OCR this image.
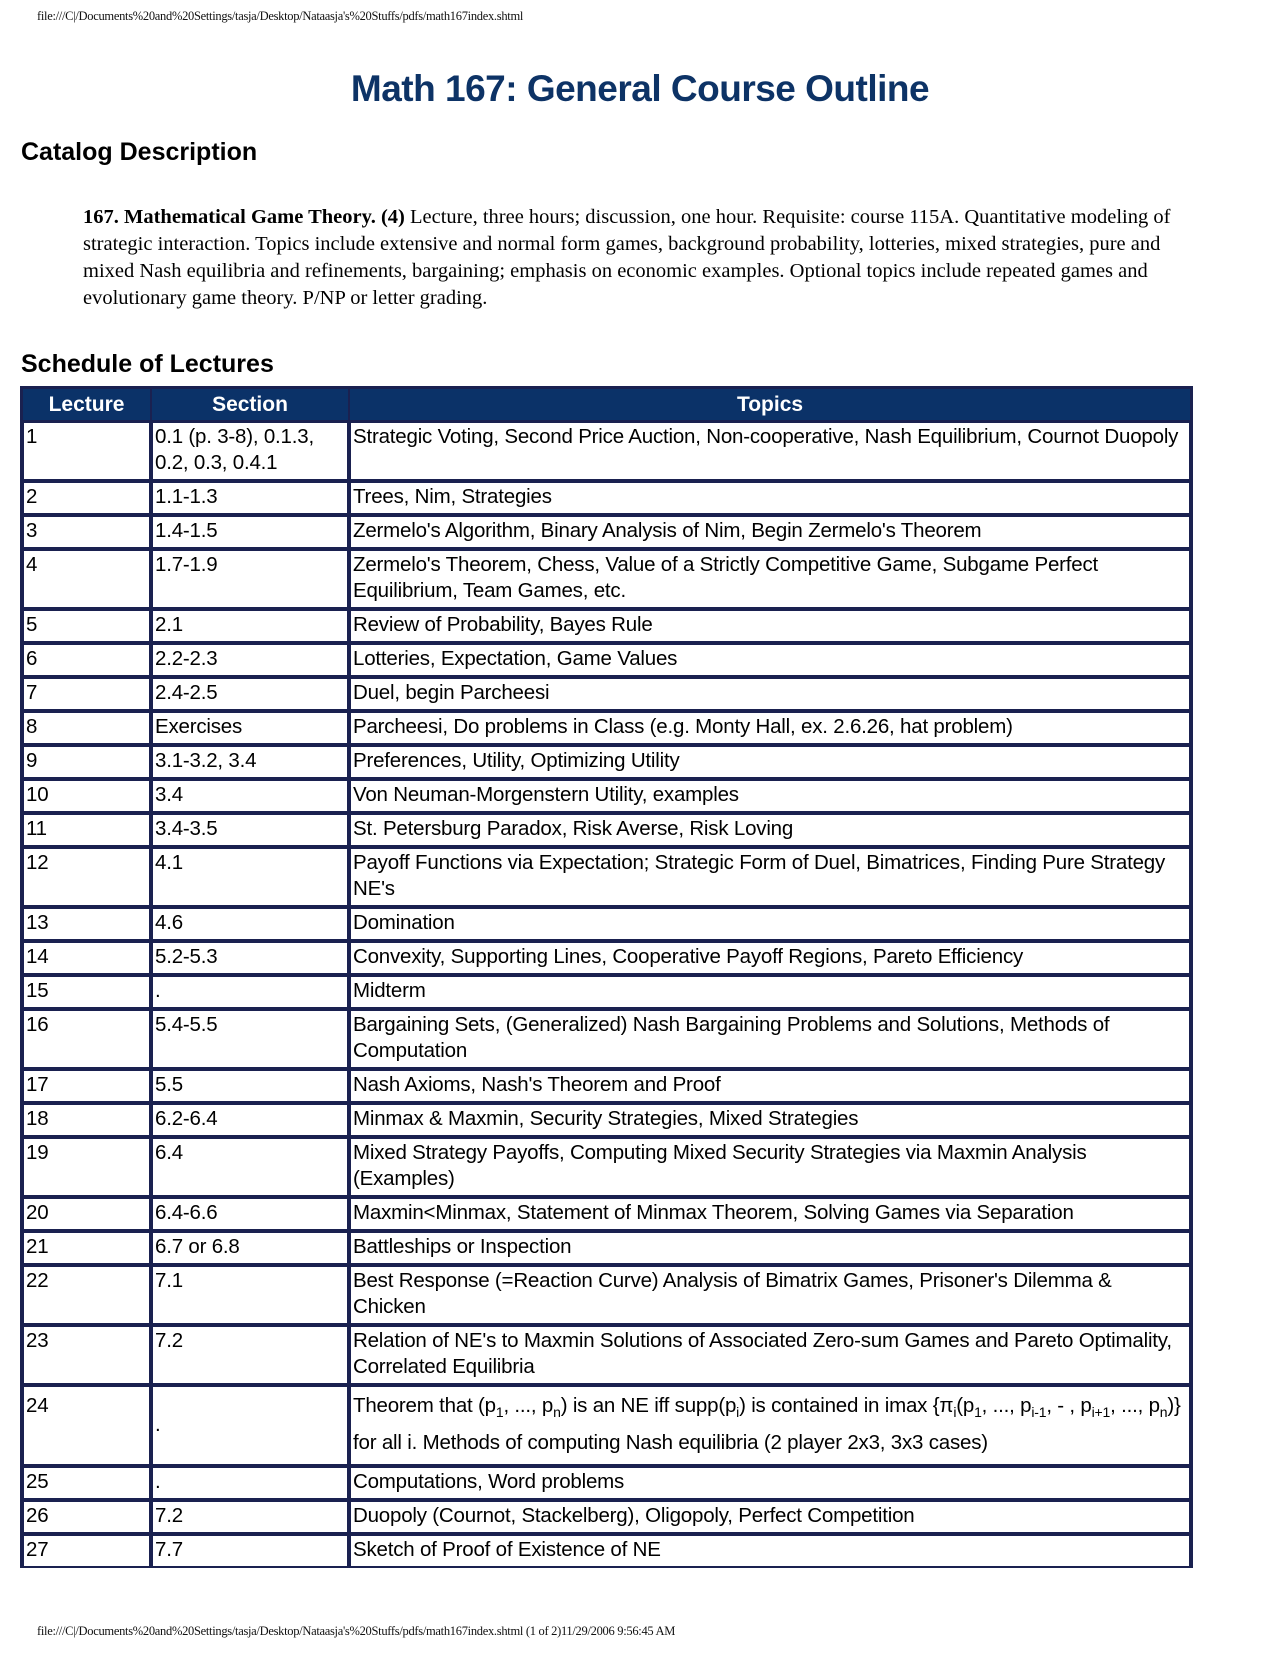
file:///C|/Documents%20and%20Settings/tasja/Desktop/Nataasja's%20Stuffs/pdfs/math167index.shtml
Math 167: General Course Outline
Catalog Description
167. Mathematical Game Theory. (4) Lecture, three hours; discussion, one hour. Requisite: course 115A. Quantitative modeling of strategic interaction. Topics include extensive and normal form games, background probability, lotteries, mixed strategies, pure and mixed Nash equilibria and refinements, bargaining; emphasis on economic examples. Optional topics include repeated games and evolutionary game theory. P/NP or letter grading.
Schedule of Lectures
Lecture	Section	Topics
1	0.1 (p. 3-8), 0.1.3, 0.2, 0.3, 0.4.1	Strategic Voting, Second Price Auction, Non-cooperative, Nash Equilibrium, Cournot Duopoly
2	1.1-1.3	Trees, Nim, Strategies
3	1.4-1.5	Zermelo's Algorithm, Binary Analysis of Nim, Begin Zermelo's Theorem
4	1.7-1.9	Zermelo's Theorem, Chess, Value of a Strictly Competitive Game, Subgame Perfect Equilibrium, Team Games, etc.
5	2.1	Review of Probability, Bayes Rule
6	2.2-2.3	Lotteries, Expectation, Game Values
7	2.4-2.5	Duel, begin Parcheesi
8	Exercises	Parcheesi, Do problems in Class (e.g. Monty Hall, ex. 2.6.26, hat problem)
9	3.1-3.2, 3.4	Preferences, Utility, Optimizing Utility
10	3.4	Von Neuman-Morgenstern Utility, examples
11	3.4-3.5	St. Petersburg Paradox, Risk Averse, Risk Loving
12	4.1	Payoff Functions via Expectation; Strategic Form of Duel, Bimatrices, Finding Pure Strategy NE's
13	4.6	Domination
14	5.2-5.3	Convexity, Supporting Lines, Cooperative Payoff Regions, Pareto Efficiency
15	.	Midterm
16	5.4-5.5	Bargaining Sets, (Generalized) Nash Bargaining Problems and Solutions, Methods of Computation
17	5.5	Nash Axioms, Nash's Theorem and Proof
18	6.2-6.4	Minmax & Maxmin, Security Strategies, Mixed Strategies
19	6.4	Mixed Strategy Payoffs, Computing Mixed Security Strategies via Maxmin Analysis (Examples)
20	6.4-6.6	Maxmin<Minmax, Statement of Minmax Theorem, Solving Games via Separation
21	6.7 or 6.8	Battleships or Inspection
22	7.1	Best Response (=Reaction Curve) Analysis of Bimatrix Games, Prisoner's Dilemma & Chicken
23	7.2	Relation of NE's to Maxmin Solutions of Associated Zero-sum Games and Pareto Optimality, Correlated Equilibria
24	.	Theorem that ($p_1$, ..., $p_n$) is an NE iff $supp(p_i)$ is contained in imax {$\pi_i(p_1$, ..., $p_{i-1}$, - , $p_{i+1}$, ..., $p_n$)} for all i. Methods of computing Nash equilibria (2 player 2x3, 3x3 cases)
25	.	Computations, Word problems
26	7.2	Duopoly (Cournot, Stackelberg), Oligopoly, Perfect Competition
27	7.7	Sketch of Proof of Existence of NE
file:///C|/Documents%20and%20Settings/tasja/Desktop/Nataasja's%20Stuffs/pdfs/math167index.shtml (1 of 2)11/29/2006 9:56:45 AM
